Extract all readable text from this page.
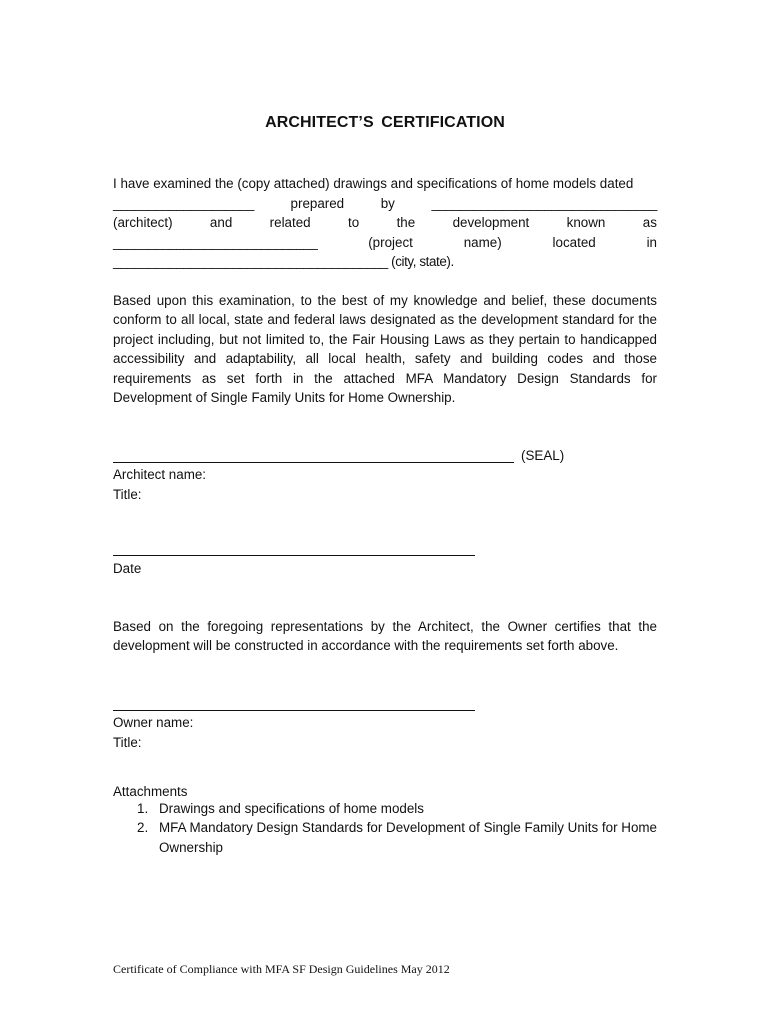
ARCHITECT’S CERTIFICATION
I have examined the (copy attached) drawings and specifications of home models dated
____________________	prepared	by	________________________________
(architect)	and	related	to	the	development	known	as
_____________________________	(project	name)	located	in
_______________________________________ (city, state).
Based upon this examination, to the best of my knowledge and belief, these documents conform to all local, state and federal laws designated as the development standard for the project including, but not limited to, the Fair Housing Laws as they pertain to handicapped accessibility and adaptability, all local health, safety and building codes and those requirements as set forth in the attached MFA Mandatory Design Standards for Development of Single Family Units for Home Ownership.
(SEAL)
Architect name:
Title:
Date
Based on the foregoing representations by the Architect, the Owner certifies that the development will be constructed in accordance with the requirements set forth above.
Owner name:
Title:
Attachments
1. Drawings and specifications of home models
2. MFA Mandatory Design Standards for Development of Single Family Units for Home Ownership
Certificate of Compliance with MFA SF Design Guidelines May 2012
